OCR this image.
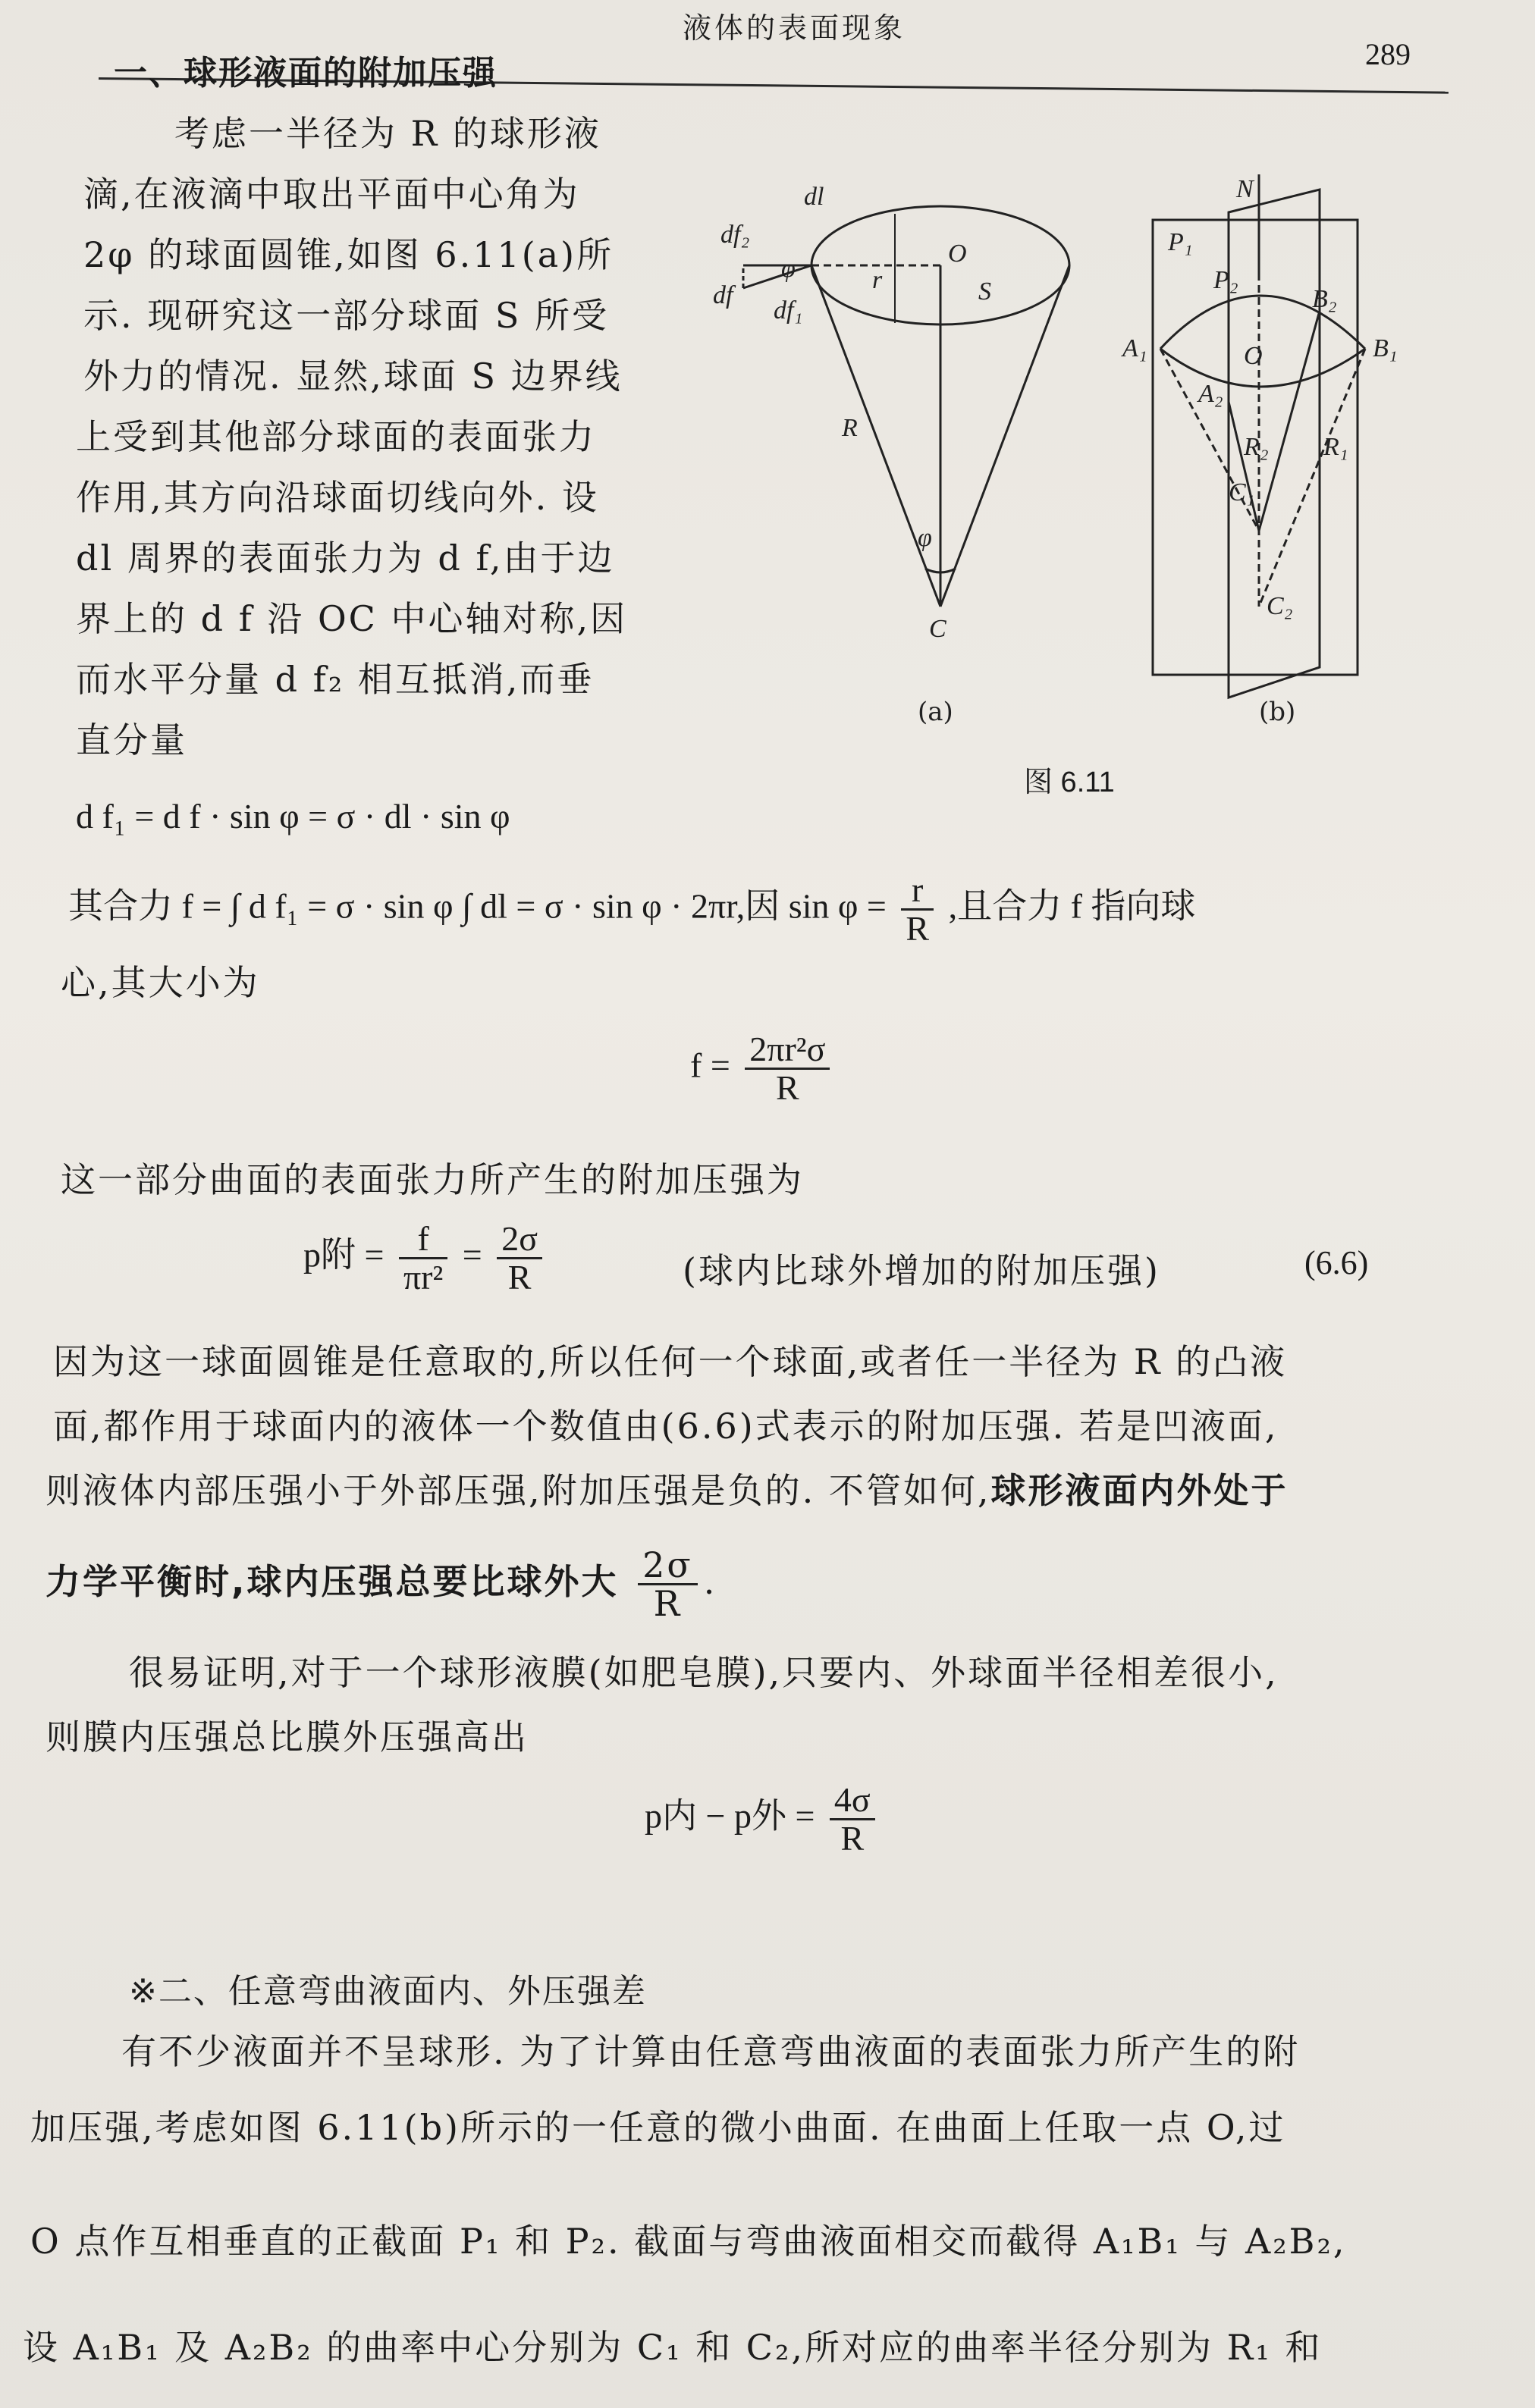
液体的表面现象
289
一、球形液面的附加压强
考虑一半径为 R 的球形液
滴,在液滴中取出平面中心角为
2φ 的球面圆锥,如图 6.11(a)所
示. 现研究这一部分球面 S 所受
外力的情况. 显然,球面 S 边界线
上受到其他部分球面的表面张力
作用,其方向沿球面切线向外. 设
dl 周界的表面张力为 d f,由于边
界上的 d f 沿 OC 中心轴对称,因
而水平分量 d f₂ 相互抵消,而垂
直分量
d f₁ = d f · sin φ = σ · dl · sin φ
其合力 f = ∫ d f₁ = σ · sin φ ∫ dl = σ · sin φ · 2πr,因 $\sin \varphi = \frac{r}{R}$ ,且合力 f 指向球
心,其大小为
$f = \frac{\text{2πr²σ}}{R}$
这一部分曲面的表面张力所产生的附加压强为
p附 = $\frac{f}{\text{πr²}} = \frac{2\sigma}{R}$	(球内比球外增加的附加压强)	(6.6)
因为这一球面圆锥是任意取的,所以任何一个球面,或者任一半径为 R 的凸液
面,都作用于球面内的液体一个数值由(6.6)式表示的附加压强. 若是凹液面,
则液体内部压强小于外部压强,附加压强是负的. 不管如何,球形液面内外处于
力学平衡时,球内压强总要比球外大 $\frac{2\sigma}{R}$ .
很易证明,对于一个球形液膜(如肥皂膜),只要内、外球面半径相差很小,
则膜内压强总比膜外压强高出
p内 − p外 = $\frac{4\sigma}{R}$
※二、任意弯曲液面内、外压强差
有不少液面并不呈球形. 为了计算由任意弯曲液面的表面张力所产生的附
加压强,考虑如图 6.11(b)所示的一任意的微小曲面. 在曲面上任取一点 O,过
O 点作互相垂直的正截面 P₁ 和 P₂. 截面与弯曲液面相交而截得 A₁B₁ 与 A₂B₂,
设 A₁B₁ 及 A₂B₂ 的曲率中心分别为 C₁ 和 C₂,所对应的曲率半径分别为 R₁ 和
dl
df₂
df
df₁
φ
O
r	S
R
φ
C
(a)
N
P₁
P₂
B₂
A₁	O	B₁
A₂
R₂ R₁
C₁
C₂
(b)
图 6.11
